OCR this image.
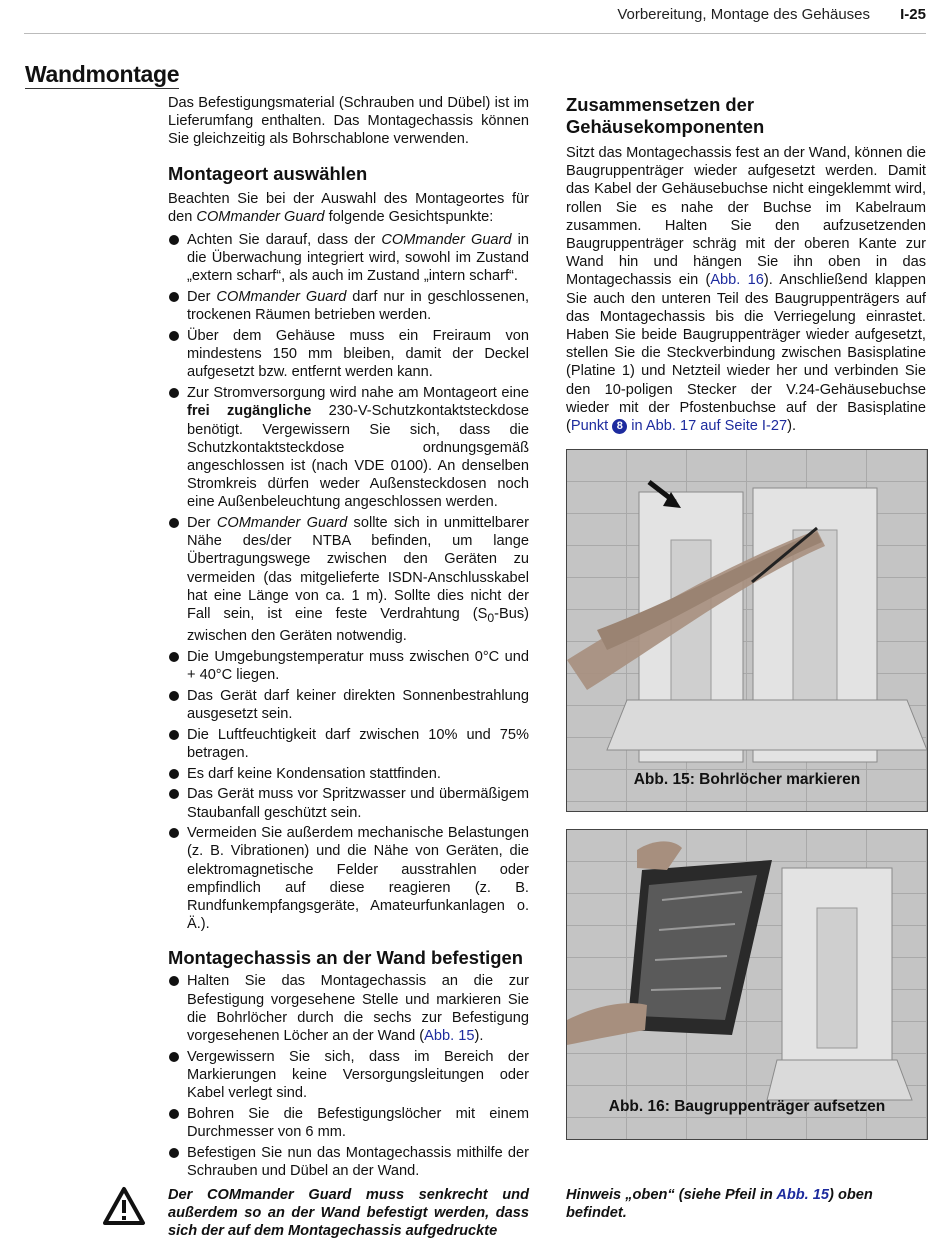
Vorbereitung, Montage des Gehäuses I-25
Wandmontage

Das Befestigungsmaterial (Schrauben und Dübel) ist im Lieferumfang enthalten. Das Montagechassis können Sie gleichzeitig als Bohrschablone verwenden.

Montageort auswählen

Beachten Sie bei der Auswahl des Montageortes für den COMmander Guard folgende Gesichtspunkte:

Achten Sie darauf, dass der COMmander Guard in die Überwachung integriert wird, sowohl im Zustand „extern scharf“, als auch im Zustand „intern scharf“.
Der COMmander Guard darf nur in geschlossenen, trockenen Räumen betrieben werden.
Über dem Gehäuse muss ein Freiraum von mindestens 150 mm bleiben, damit der Deckel aufgesetzt bzw. entfernt werden kann.
Zur Stromversorgung wird nahe am Montageort eine frei zugängliche 230-V-Schutzkontaktsteckdose benötigt. Vergewissern Sie sich, dass die Schutzkontaktsteckdose ordnungsgemäß angeschlossen ist (nach VDE 0100). An denselben Stromkreis dürfen weder Außensteckdosen noch eine Außenbeleuchtung angeschlossen werden.
Der COMmander Guard sollte sich in unmittelbarer Nähe des/der NTBA befinden, um lange Übertragungswege zwischen den Geräten zu vermeiden (das mitgelieferte ISDN-Anschlusskabel hat eine Länge von ca. 1 m). Sollte dies nicht der Fall sein, ist eine feste Verdrahtung $(S_0-Bus)$ zwischen den Geräten notwendig.
Die Umgebungstemperatur muss zwischen 0°C und + 40°C liegen.
Das Gerät darf keiner direkten Sonnenbestrahlung ausgesetzt sein.
Die Luftfeuchtigkeit darf zwischen 10% und 75% betragen.
Es darf keine Kondensation stattfinden.
Das Gerät muss vor Spritzwasser und übermäßigem Staubanfall geschützt sein.
Vermeiden Sie außerdem mechanische Belastungen (z. B. Vibrationen) und die Nähe von Geräten, die elektromagnetische Felder ausstrahlen oder empfindlich auf diese reagieren (z. B. Rundfunkempfangsgeräte, Amateurfunkanlagen o. Ä.).
Montagechassis an der Wand befestigen
Halten Sie das Montagechassis an die zur Befestigung vorgesehene Stelle und markieren Sie die Bohrlöcher durch die sechs zur Befestigung vorgesehenen Löcher an der Wand (Abb. 15).
Vergewissern Sie sich, dass im Bereich der Markierungen keine Versorgungsleitungen oder Kabel verlegt sind.
Bohren Sie die Befestigungslöcher mit einem Durchmesser von 6 mm.
Befestigen Sie nun das Montagechassis mithilfe der Schrauben und Dübel an der Wand.
Zusammensetzen der Gehäusekomponenten

Sitzt das Montagechassis fest an der Wand, können die Baugruppenträger wieder aufgesetzt werden. Damit das Kabel der Gehäusebuchse nicht eingeklemmt wird, rollen Sie es nahe der Buchse im Kabelraum zusammen. Halten Sie den aufzusetzenden Baugruppenträger schräg mit der oberen Kante zur Wand hin und hängen Sie ihn oben in das Montagechassis ein (Abb. 16). Anschließend klappen Sie auch den unteren Teil des Baugruppenträgers auf das Montagechassis bis die Verriegelung einrastet. Haben Sie beide Baugruppenträger wieder aufgesetzt, stellen Sie die Steckverbindung zwischen Basisplatine (Platine 1) und Netzteil wieder her und verbinden Sie den 10-poligen Stecker der V.24-Gehäusebuchse wieder mit der Pfostenbuchse auf der Basisplatine (Punkt 8 in Abb. 17 auf Seite I-27).

Abb. 15: Bohrlöcher markieren
Abb. 16: Baugruppenträger aufsetzen
Der COMmander Guard muss senkrecht und außerdem so an der Wand befestigt werden, dass sich der auf dem Montagechassis aufgedruckte
Hinweis „oben“ (siehe Pfeil in Abb. 15) oben befindet.
